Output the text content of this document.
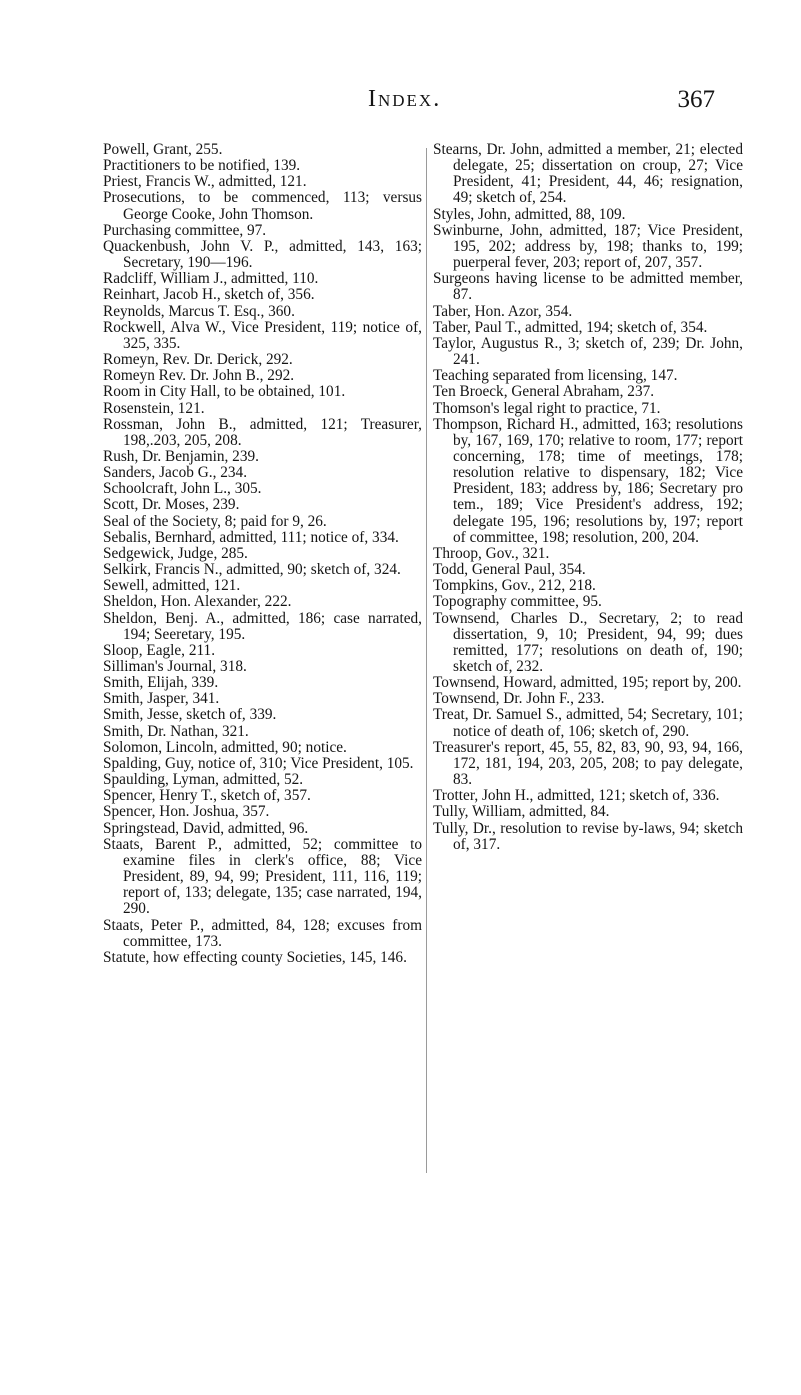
Index.	367

Powell, Grant, 255.

Practitioners to be notified, 139.

Priest, Francis W., admitted, 121.

Prosecutions, to be commenced, 113; versus George Cooke, John Thomson.

Purchasing committee, 97.

Quackenbush, John V. P., admitted, 143, 163; Secretary, 190—196.

Radcliff, William J., admitted, 110.

Reinhart, Jacob H., sketch of, 356.

Reynolds, Marcus T. Esq., 360.

Rockwell, Alva W., Vice President, 119; notice of, 325, 335.

Romeyn, Rev. Dr. Derick, 292.

Romeyn Rev. Dr. John B., 292.

Room in City Hall, to be obtained, 101.

Rosenstein, 121.

Rossman, John B., admitted, 121; Treasurer, 198,.203, 205, 208.

Rush, Dr. Benjamin, 239.

Sanders, Jacob G., 234.

Schoolcraft, John L., 305.

Scott, Dr. Moses, 239.

Seal of the Society, 8; paid for 9, 26.

Sebalis, Bernhard, admitted, 111; notice of, 334.

Sedgewick, Judge, 285.

Selkirk, Francis N., admitted, 90; sketch of, 324.

Sewell, admitted, 121.

Sheldon, Hon. Alexander, 222.

Sheldon, Benj. A., admitted, 186; case narrated, 194; Seeretary, 195.

Sloop, Eagle, 211.

Silliman's Journal, 318.

Smith, Elijah, 339.

Smith, Jasper, 341.

Smith, Jesse, sketch of, 339.

Smith, Dr. Nathan, 321.

Solomon, Lincoln, admitted, 90; notice.

Spalding, Guy, notice of, 310; Vice President, 105.

Spaulding, Lyman, admitted, 52.

Spencer, Henry T., sketch of, 357.

Spencer, Hon. Joshua, 357.

Springstead, David, admitted, 96.

Staats, Barent P., admitted, 52; committee to examine files in clerk's office, 88; Vice President, 89, 94, 99; President, 111, 116, 119; report of, 133; delegate, 135; case narrated, 194, 290.

Staats, Peter P., admitted, 84, 128; excuses from committee, 173.

Statute, how effecting county Societies, 145, 146.

Stearns, Dr. John, admitted a member, 21; elected delegate, 25; dissertation on croup, 27; Vice President, 41; President, 44, 46; resignation, 49; sketch of, 254.

Styles, John, admitted, 88, 109.

Swinburne, John, admitted, 187; Vice President, 195, 202; address by, 198; thanks to, 199; puerperal fever, 203; report of, 207, 357.

Surgeons having license to be admitted member, 87.

Taber, Hon. Azor, 354.

Taber, Paul T., admitted, 194; sketch of, 354.

Taylor, Augustus R., 3; sketch of, 239; Dr. John, 241.

Teaching separated from licensing, 147.

Ten Broeck, General Abraham, 237.

Thomson's legal right to practice, 71.

Thompson, Richard H., admitted, 163; resolutions by, 167, 169, 170; relative to room, 177; report concerning, 178; time of meetings, 178; resolution relative to dispensary, 182; Vice President, 183; address by, 186; Secretary pro tem., 189; Vice President's address, 192; delegate 195, 196; resolutions by, 197; report of committee, 198; resolution, 200, 204.

Throop, Gov., 321.

Todd, General Paul, 354.

Tompkins, Gov., 212, 218.

Topography committee, 95.

Townsend, Charles D., Secretary, 2; to read dissertation, 9, 10; President, 94, 99; dues remitted, 177; resolutions on death of, 190; sketch of, 232.

Townsend, Howard, admitted, 195; report by, 200.

Townsend, Dr. John F., 233.

Treat, Dr. Samuel S., admitted, 54; Secretary, 101; notice of death of, 106; sketch of, 290.

Treasurer's report, 45, 55, 82, 83, 90, 93, 94, 166, 172, 181, 194, 203, 205, 208; to pay delegate, 83.

Trotter, John H., admitted, 121; sketch of, 336.

Tully, William, admitted, 84.

Tully, Dr., resolution to revise by-laws, 94; sketch of, 317.
